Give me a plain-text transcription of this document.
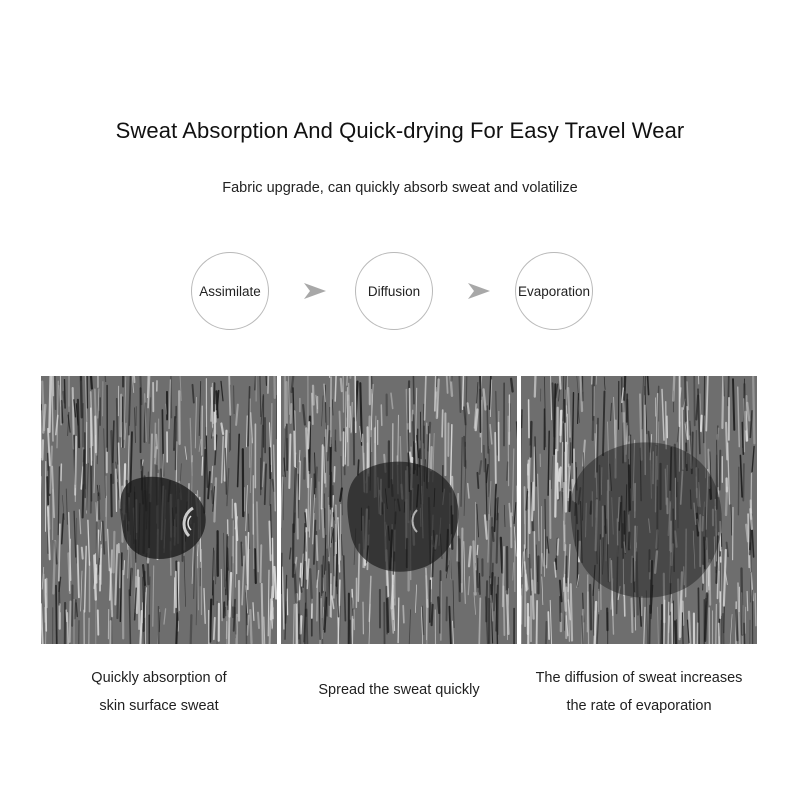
Sweat Absorption And Quick-drying For Easy Travel Wear
Fabric upgrade, can quickly absorb sweat and volatilize
Assimilate	Diffusion	Evaporation
Quickly absorption of
skin surface sweat
Spread the sweat quickly
The diffusion of sweat increases
the rate of evaporation
